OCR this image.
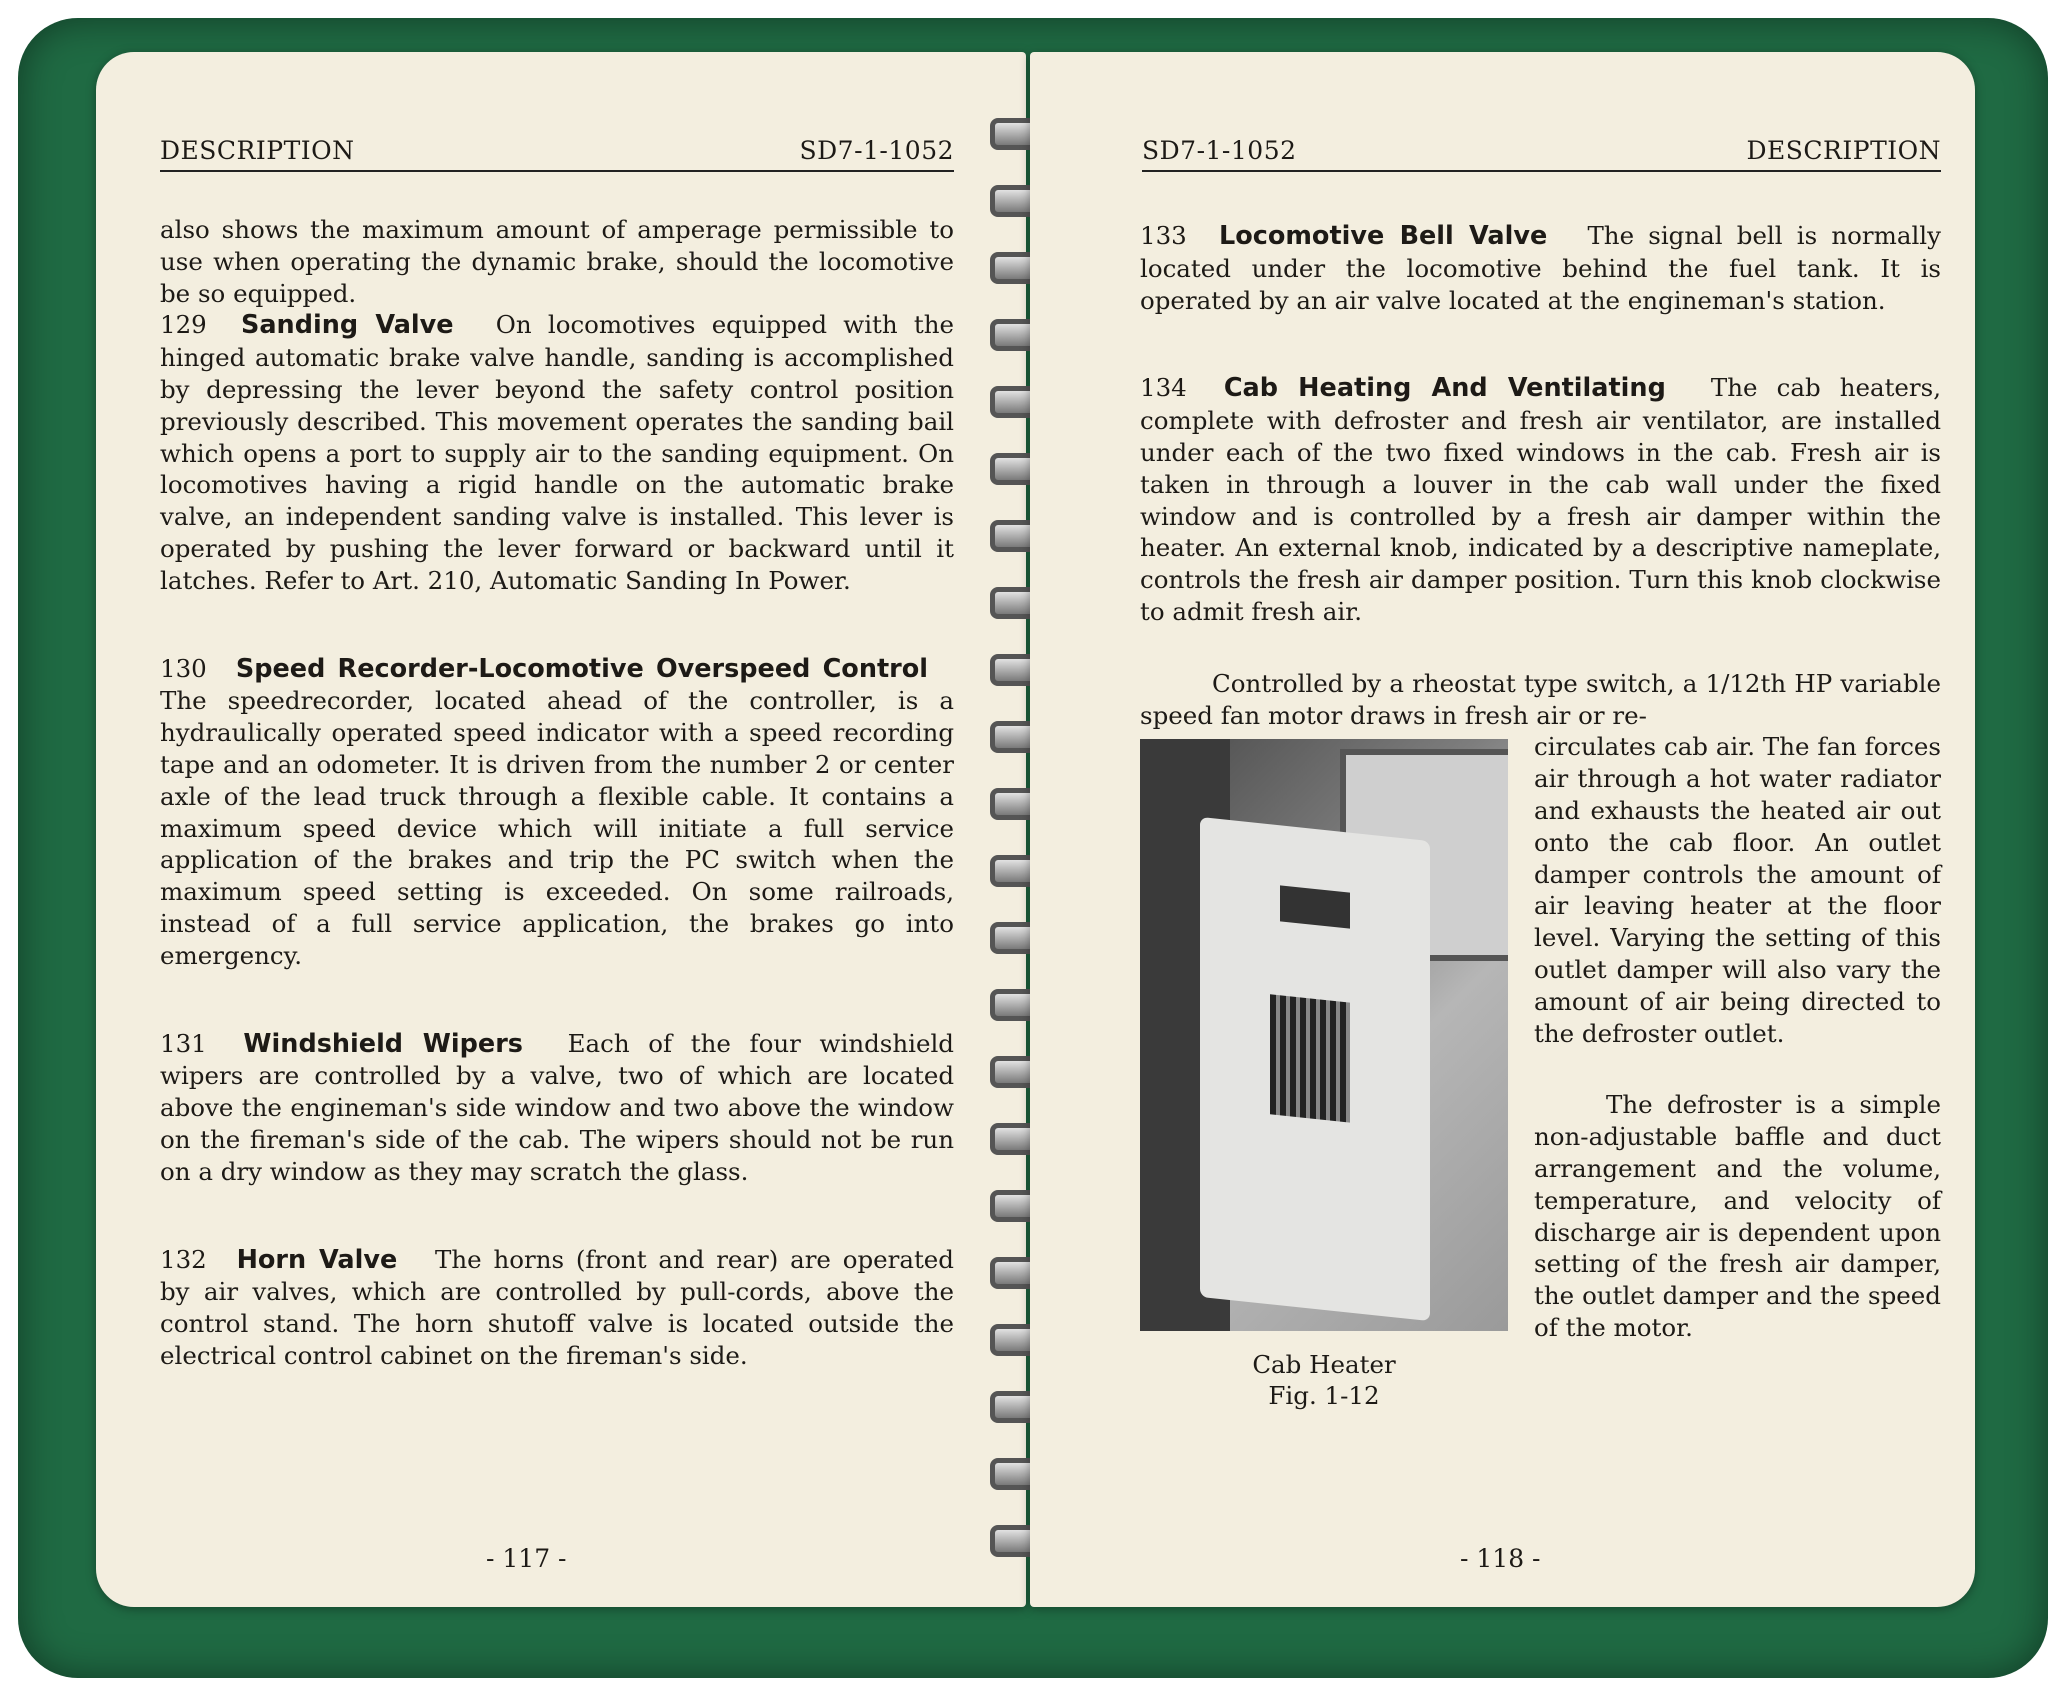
DESCRIPTION	SD7-1-1052

also shows the maximum amount of amperage permissible to use when operating the dynamic brake, should the locomotive be so equipped.

129 Sanding Valve On locomotives equipped with the hinged automatic brake valve handle, sanding is accomplished by depressing the lever beyond the safety control position previously described. This movement operates the sanding bail which opens a port to supply air to the sanding equipment. On locomotives having a rigid handle on the automatic brake valve, an independent sanding valve is installed. This lever is operated by pushing the lever forward or backward until it latches. Refer to Art. 210, Automatic Sanding In Power.

130 Speed Recorder-Locomotive Overspeed Control The speedrecorder, located ahead of the controller, is a hydraulically operated speed indicator with a speed recording tape and an odometer. It is driven from the number 2 or center axle of the lead truck through a flexible cable. It contains a maximum speed device which will initiate a full service application of the brakes and trip the PC switch when the maximum speed setting is exceeded. On some railroads, instead of a full service application, the brakes go into emergency.

131 Windshield Wipers Each of the four windshield wipers are controlled by a valve, two of which are located above the engineman's side window and two above the window on the fireman's side of the cab. The wipers should not be run on a dry window as they may scratch the glass.

132 Horn Valve The horns (front and rear) are operated by air valves, which are controlled by pull-cords, above the control stand. The horn shutoff valve is located outside the electrical control cabinet on the fireman's side.

- 117 -
SD7-1-1052	DESCRIPTION

133 Locomotive Bell Valve The signal bell is normally located under the locomotive behind the fuel tank. It is operated by an air valve located at the engineman's station.

134 Cab Heating And Ventilating The cab heaters, complete with defroster and fresh air ventilator, are installed under each of the two fixed windows in the cab. Fresh air is taken in through a louver in the cab wall under the fixed window and is controlled by a fresh air damper within the heater. An external knob, indicated by a descriptive nameplate, controls the fresh air damper position. Turn this knob clockwise to admit fresh air.

Controlled by a rheostat type switch, a 1/12th HP variable speed fan motor draws in fresh air or re-

Cab Heater
Fig. 1-12

circulates cab air. The fan forces air through a hot water radiator and exhausts the heated air out onto the cab floor. An outlet damper controls the amount of air leaving heater at the floor level. Varying the setting of this outlet damper will also vary the amount of air being directed to the defroster outlet.

The defroster is a simple non-adjustable baffle and duct arrangement and the volume, temperature, and velocity of discharge air is dependent upon setting of the fresh air damper, the outlet damper and the speed of the motor.

- 118 -
